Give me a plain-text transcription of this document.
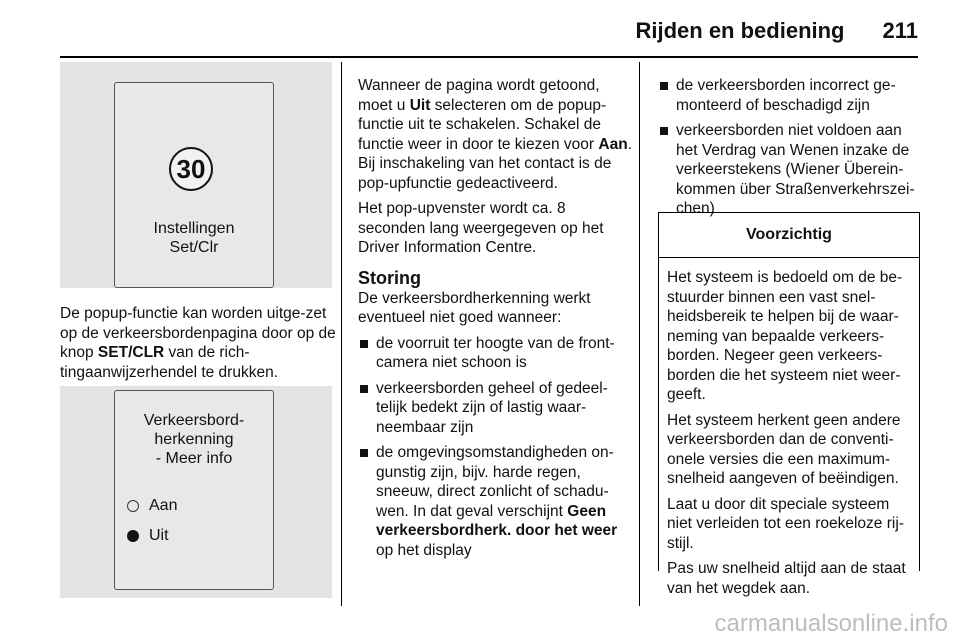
Rijden en bediening 211
30
Instellingen
Set/Clr

De popup-functie kan worden uitge-zet op de verkeersbordenpagina door op de knop SET/CLR van de rich-tingaanwijzerhendel te drukken.

Verkeersbord-
herkenning
- Meer info
Aan
Uit

Wanneer de pagina wordt getoond, moet u Uit selecteren om de popup-functie uit te schakelen. Schakel de functie weer in door te kiezen voor Aan. Bij inschakeling van het contact is de pop-upfunctie gedeactiveerd.

Het pop-upvenster wordt ca. 8 seconden lang weergegeven op het Driver Information Centre.

Storing

De verkeersbordherkenning werkt eventueel niet goed wanneer:

de voorruit ter hoogte van de front-camera niet schoon is
verkeersborden geheel of gedeel-telijk bedekt zijn of lastig waar-neembaar zijn
de omgevingsomstandigheden on-gunstig zijn, bijv. harde regen, sneeuw, direct zonlicht of schadu-wen. In dat geval verschijnt Geen verkeersbordherk. door het weer op het display
de verkeersborden incorrect ge-monteerd of beschadigd zijn
verkeersborden niet voldoen aan het Verdrag van Wenen inzake de verkeerstekens (Wiener Überein-kommen über Straßenverkehrszei-chen)
Voorzichtig

Het systeem is bedoeld om de be-stuurder binnen een vast snel-heidsbereik te helpen bij de waar-neming van bepaalde verkeers-borden. Negeer geen verkeers-borden die het systeem niet weer-geeft.

Het systeem herkent geen andere verkeersborden dan de conventi-onele versies die een maximum-snelheid aangeven of beëindigen.

Laat u door dit speciale systeem niet verleiden tot een roekeloze rij-stijl.

Pas uw snelheid altijd aan de staat van het wegdek aan.

carmanualsonline.info
